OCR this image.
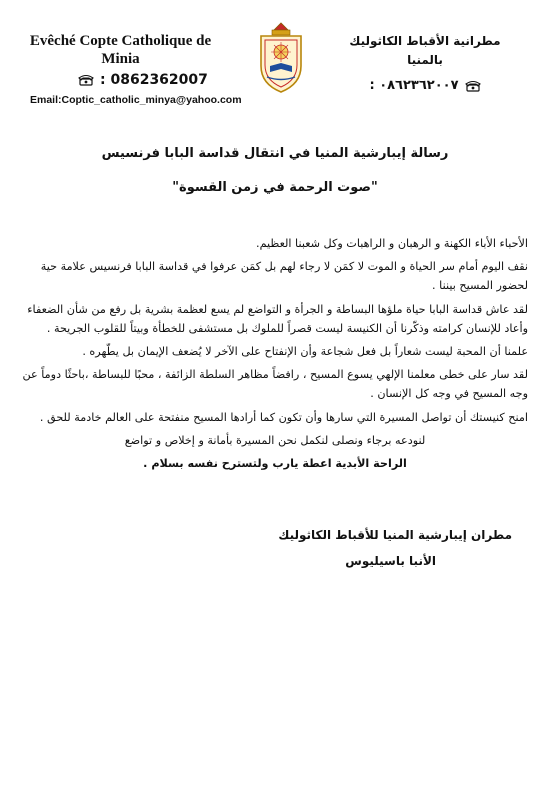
Evêché Copte Catholique de
Minia
: 0862362007
Email:Coptic_catholic_minya@yahoo.com
مطرانية الأقباط الكاثوليك
بالمنيا
٠٨٦٢٣٦٢٠٠٧ :
رسالة إيبارشية المنيا في انتقال قداسة البابا فرنسيس
"صوت الرحمة في زمن القسوة"

الأحباء الأباء الكهنة و الرهبان و الراهبات وكل شعبنا العظيم.

نقف اليوم أمام سر الحياة و الموت لا كمَن لا رجاء لهم بل كمَن عرفوا في قداسة البابا فرنسيس علامة حية لحضور المسيح بيننا .

لقد عاش قداسة البابا حياة ملؤها البساطة و الجرأة و التواضع لم يسع لعظمة بشرية بل رفع من شأن الضعفاء وأعاد للإنسان كرامته وذكّرنا أن الكنيسة ليست قصراً للملوك بل مستشفى للخطأة وبيتاً للقلوب الجريحة .

علمنا أن المحبة ليست شعاراً بل فعل شجاعة وأن الإنفتاح على الآخر لا يُضعف الإيمان بل يطّهره .

لقد سار على خطى معلمنا الإلهي يسوع المسيح ، رافضاً مظاهر السلطة الزائفة ، محبًا للبساطة ،باحثًا دوماً عن وجه المسيح في وجه كل الإنسان .

امنح كنيستك أن تواصل المسيرة التي سارها وأن تكون كما أرادها المسيح منفتحة على العالم خادمة للحق .

لنودعه برجاء ونصلى لنكمل نحن المسيرة بأمانة و إخلاص و تواضع

الراحة الأبدية اعطة يارب ولتسترح نفسه بسلام .

مطران إيبارشية المنيا للأقباط الكاثوليك
الأنبا باسيليوس
